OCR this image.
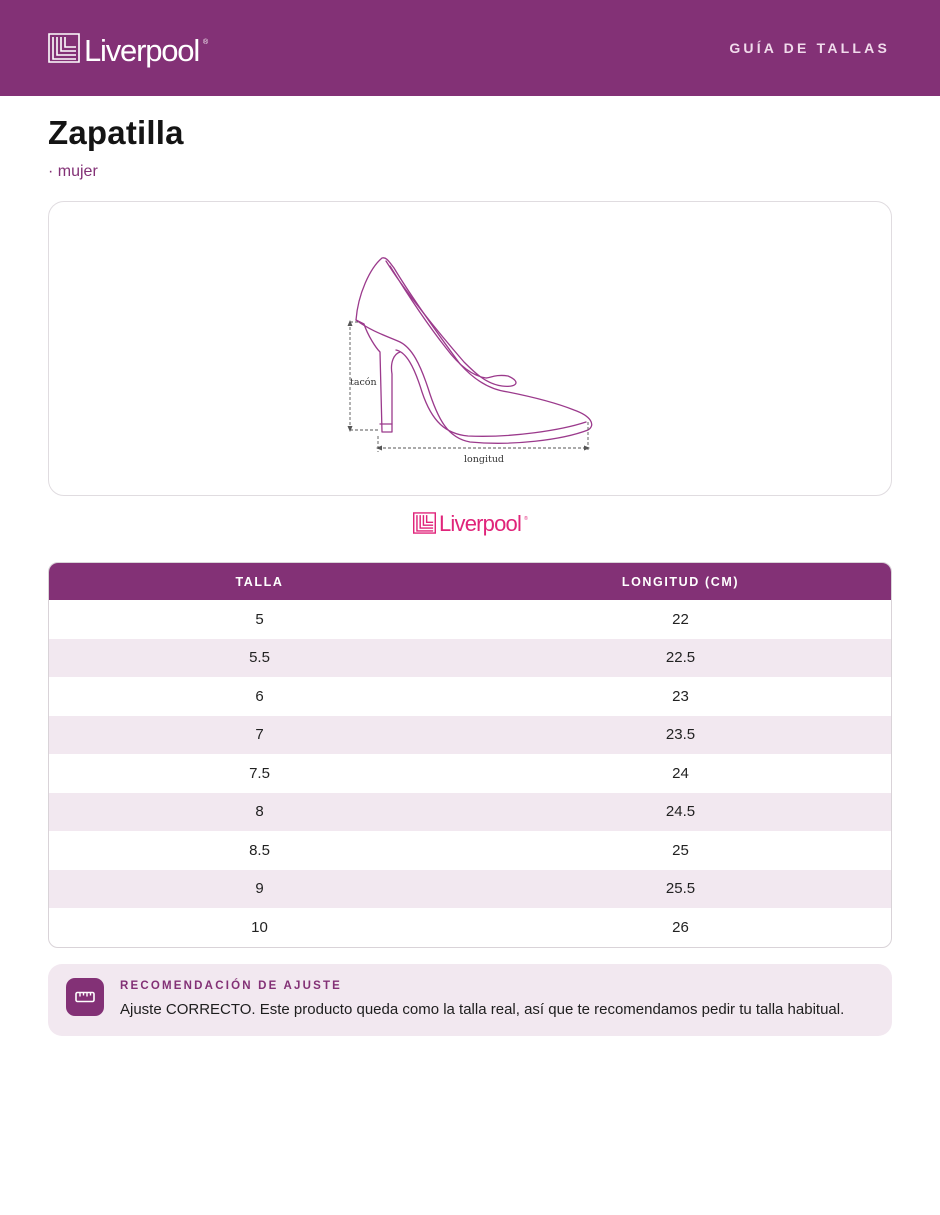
Liverpool ®	GUÍA DE TALLAS
Zapatilla
· mujer
tacón
longitud
Liverpool ®
TALLA	LONGITUD (CM)
5	22
5.5	22.5
6	23
7	23.5
7.5	24
8	24.5
8.5	25
9	25.5
10	26
RECOMENDACIÓN DE AJUSTE
Ajuste CORRECTO. Este producto queda como la talla real, así que te recomendamos pedir tu talla habitual.
